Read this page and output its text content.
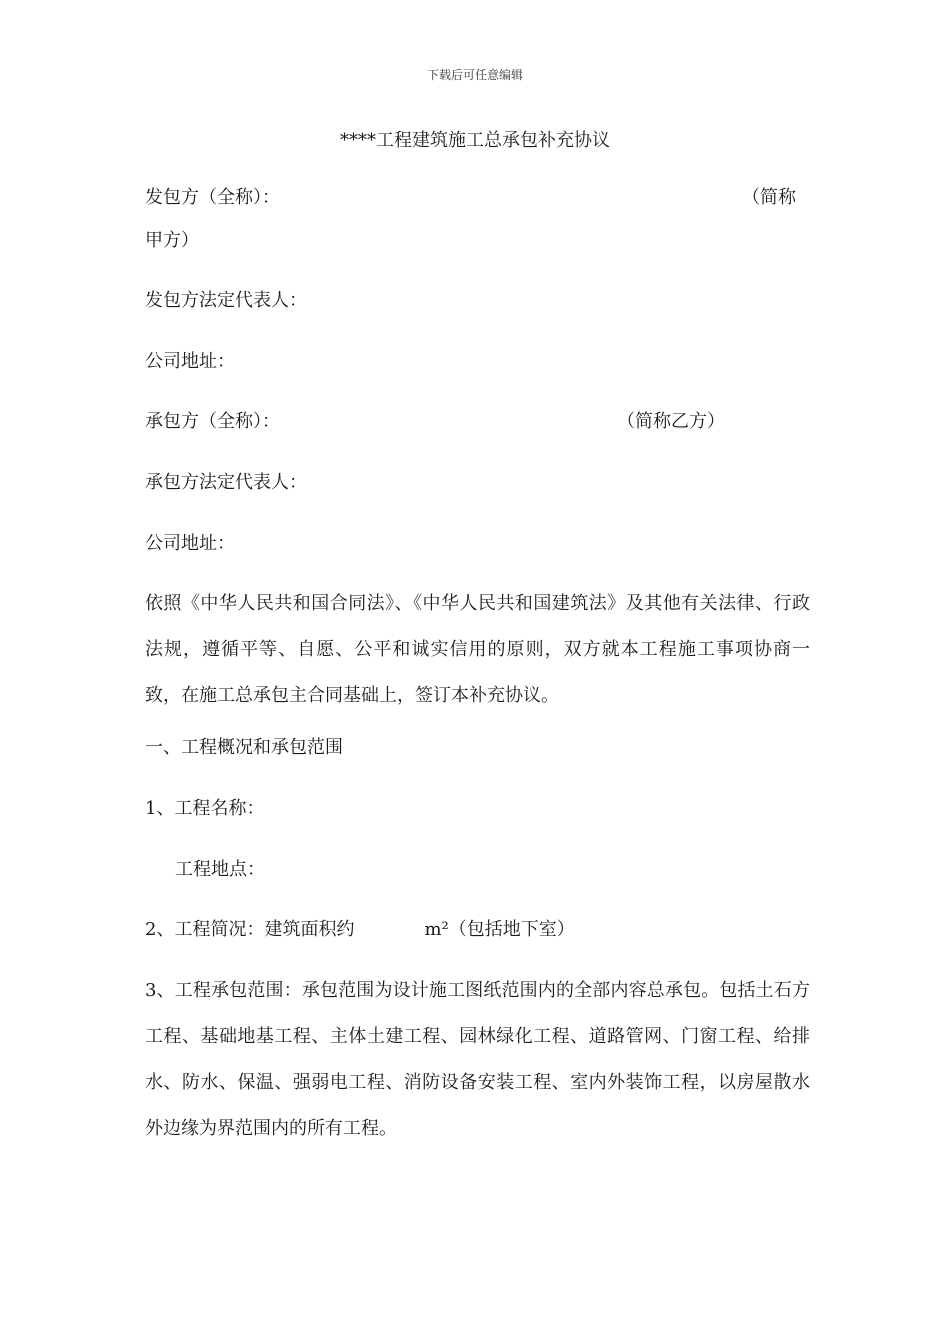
下载后可任意编辑
****工程建筑施工总承包补充协议
发包方（全称）：	（简称
甲方）
发包方法定代表人：
公司地址：
承包方（全称）：	（简称乙方）
承包方法定代表人：
公司地址：
依照《中华人民共和国合同法》、《中华人民共和国建筑法》及其他有关法律、行政法规，遵循平等、自愿、公平和诚实信用的原则，双方就本工程施工事项协商一致，在施工总承包主合同基础上，签订本补充协议。
一、工程概况和承包范围
1、工程名称：
工程地点：
2、工程简况：建筑面积约	m²（包括地下室）
3、工程承包范围：承包范围为设计施工图纸范围内的全部内容总承包。包括土石方工程、基础地基工程、主体土建工程、园林绿化工程、道路管网、门窗工程、给排水、防水、保温、强弱电工程、消防设备安装工程、室内外装饰工程，以房屋散水外边缘为界范围内的所有工程。
